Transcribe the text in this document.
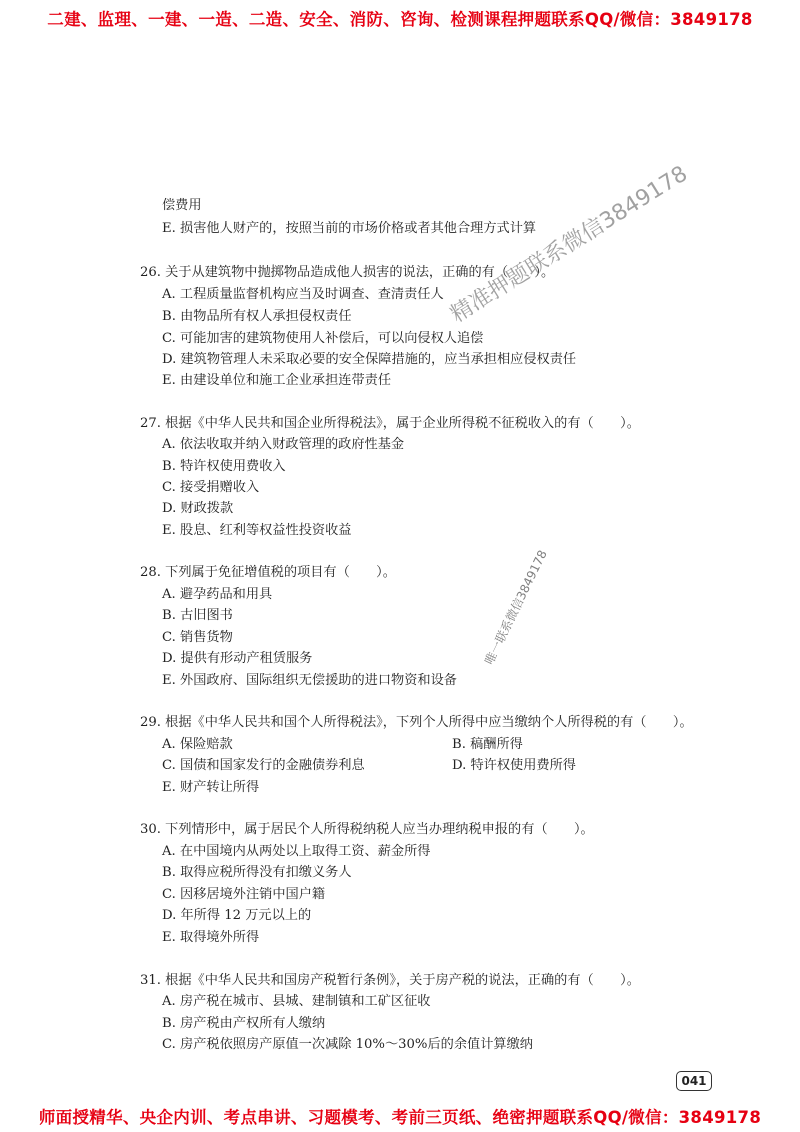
二建、监理、一建、一造、二造、安全、消防、咨询、检测课程押题联系QQ/微信：3849178
偿费用
E. 损害他人财产的，按照当前的市场价格或者其他合理方式计算
26. 关于从建筑物中抛掷物品造成他人损害的说法，正确的有（　　）。
A. 工程质量监督机构应当及时调查、查清责任人
B. 由物品所有权人承担侵权责任
C. 可能加害的建筑物使用人补偿后，可以向侵权人追偿
D. 建筑物管理人未采取必要的安全保障措施的，应当承担相应侵权责任
E. 由建设单位和施工企业承担连带责任
27. 根据《中华人民共和国企业所得税法》，属于企业所得税不征税收入的有（　　）。
A. 依法收取并纳入财政管理的政府性基金
B. 特许权使用费收入
C. 接受捐赠收入
D. 财政拨款
E. 股息、红利等权益性投资收益
28. 下列属于免征增值税的项目有（　　）。
A. 避孕药品和用具
B. 古旧图书
C. 销售货物
D. 提供有形动产租赁服务
E. 外国政府、国际组织无偿援助的进口物资和设备
29. 根据《中华人民共和国个人所得税法》，下列个人所得中应当缴纳个人所得税的有（　　）。
A. 保险赔款	B. 稿酬所得
C. 国债和国家发行的金融债券利息	D. 特许权使用费所得
E. 财产转让所得
30. 下列情形中，属于居民个人所得税纳税人应当办理纳税申报的有（　　）。
A. 在中国境内从两处以上取得工资、薪金所得
B. 取得应税所得没有扣缴义务人
C. 因移居境外注销中国户籍
D. 年所得 12 万元以上的
E. 取得境外所得
31. 根据《中华人民共和国房产税暂行条例》，关于房产税的说法，正确的有（　　）。
A. 房产税在城市、县城、建制镇和工矿区征收
B. 房产税由产权所有人缴纳
C. 房产税依照房产原值一次减除 10%～30%后的余值计算缴纳
精准押题联系微信3849178
唯一联系微信3849178
041
师面授精华、央企内训、考点串讲、习题模考、考前三页纸、绝密押题联系QQ/微信：3849178
